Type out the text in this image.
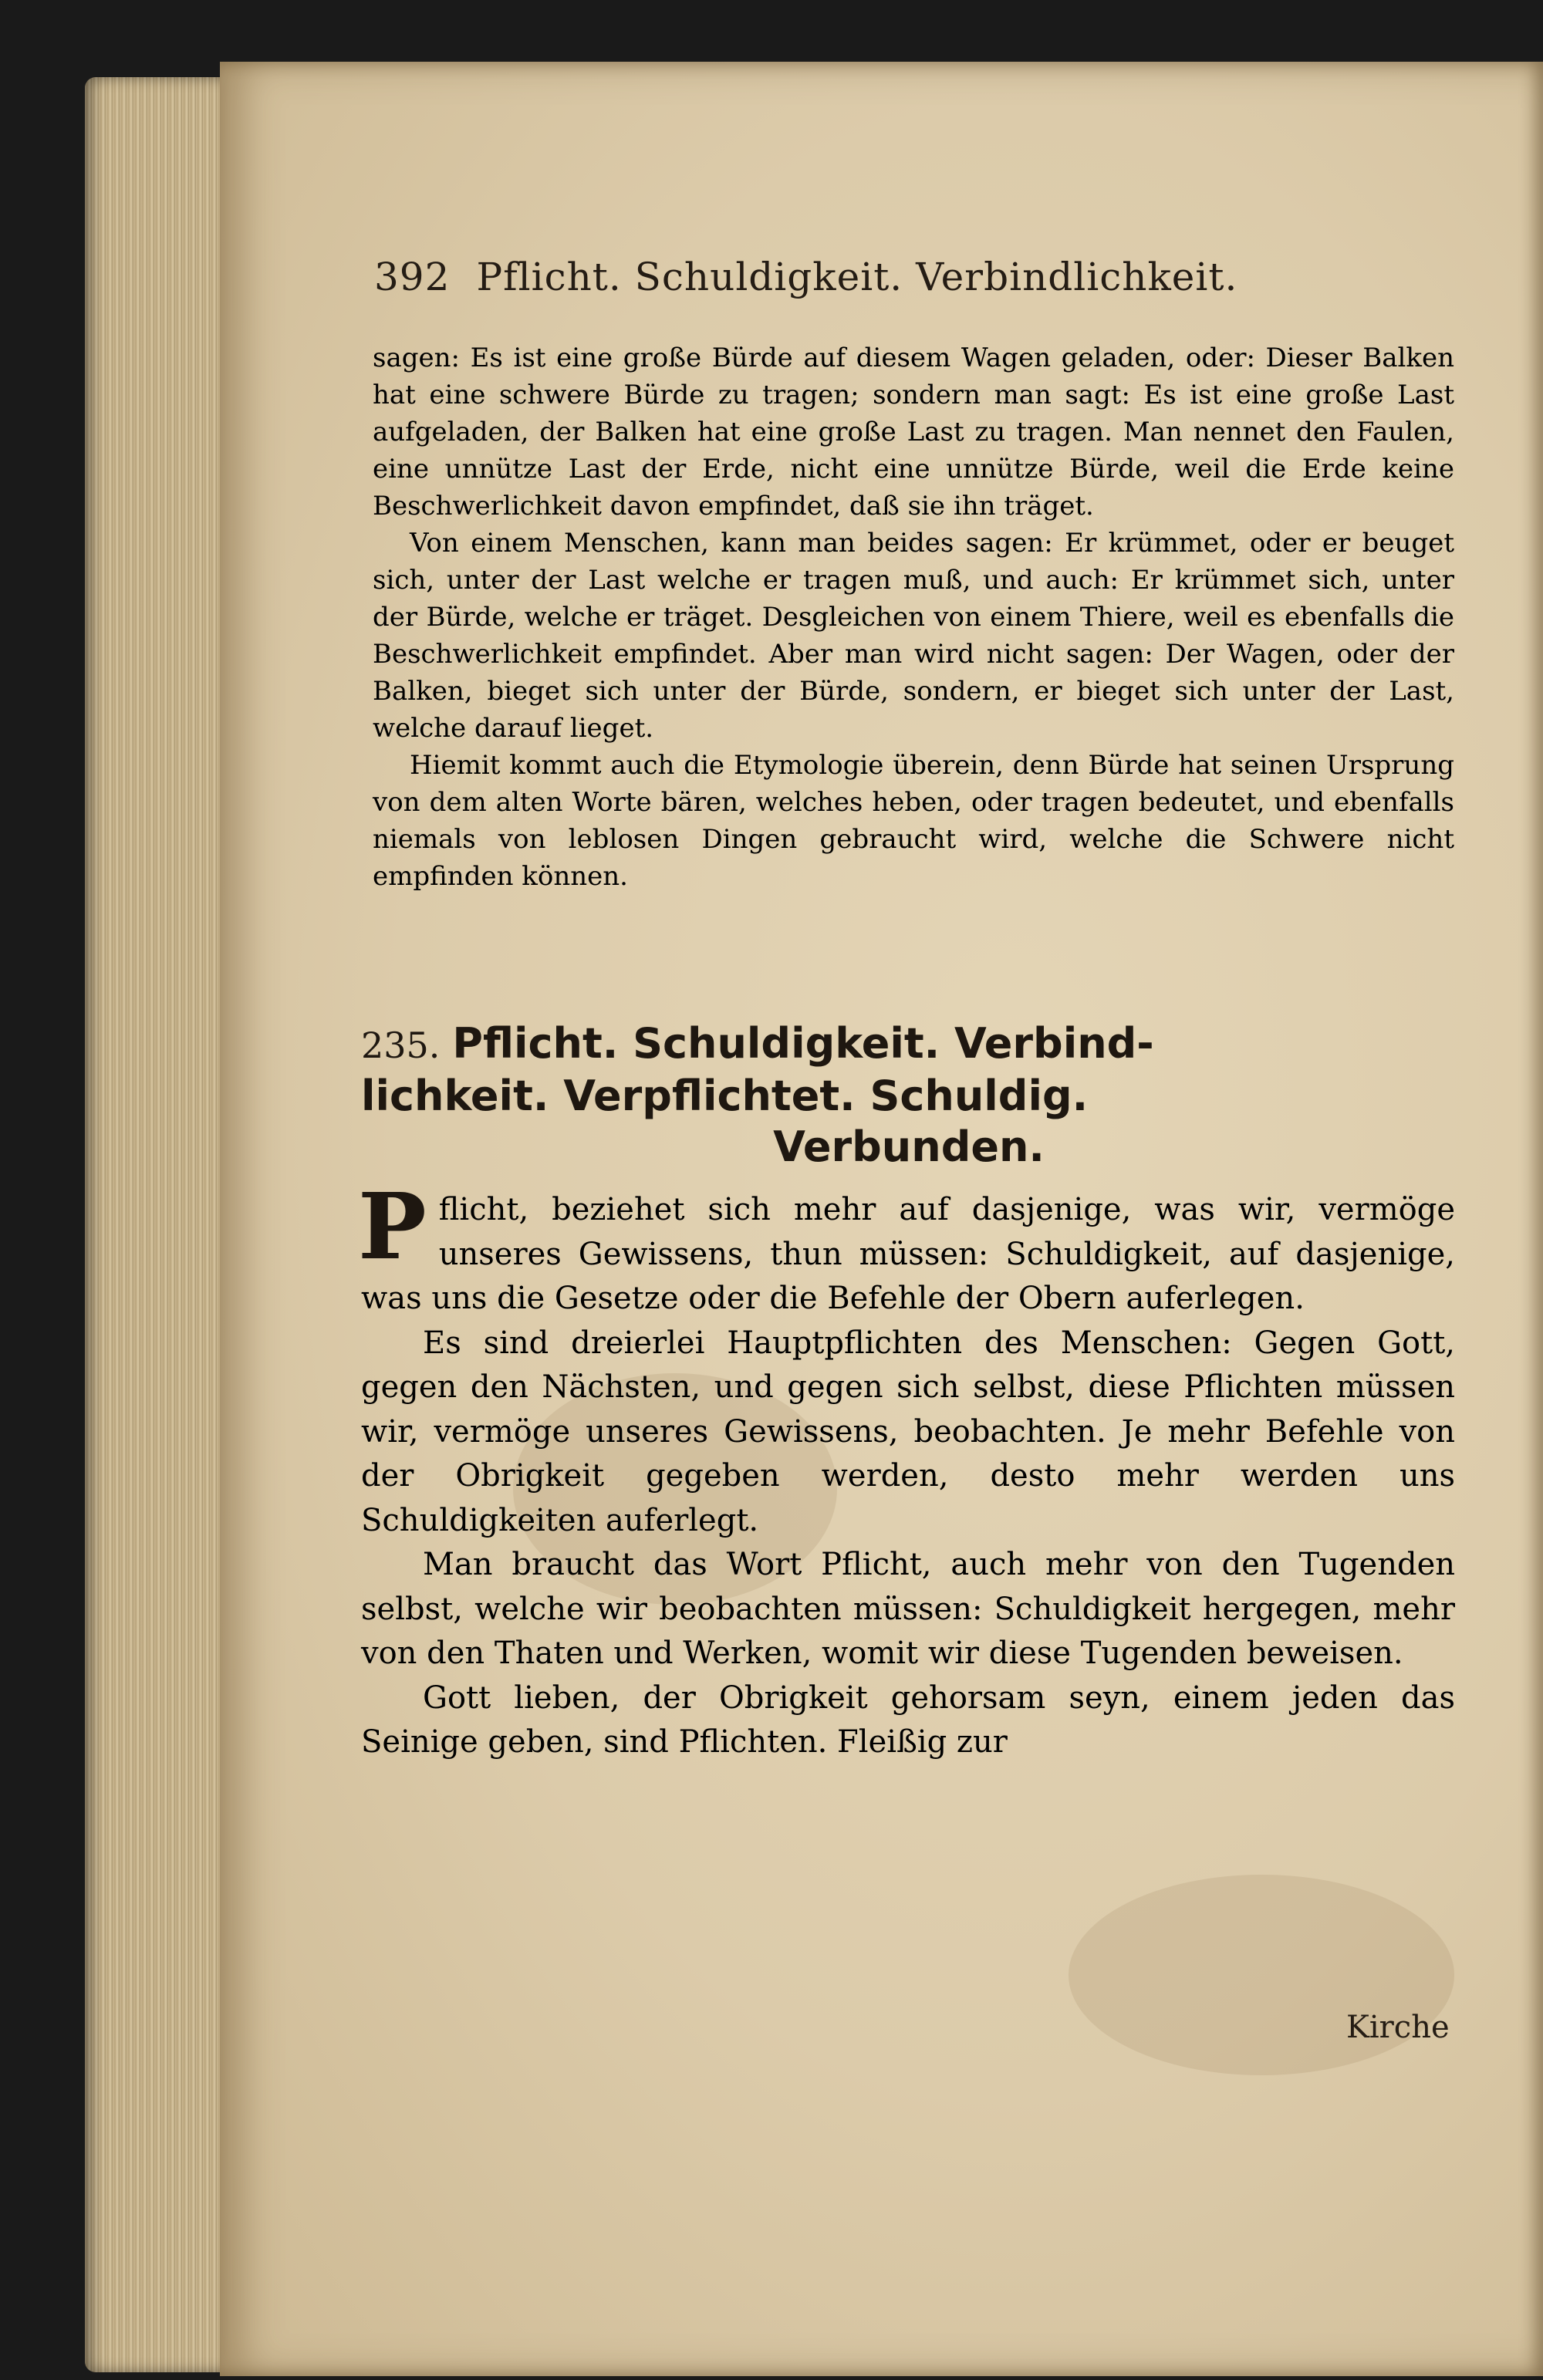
392 Pflicht. Schuldigkeit. Verbindlichkeit.

sagen: Es ist eine große Bürde auf diesem Wagen geladen, oder: Dieser Balken hat eine schwere Bürde zu tragen; sondern man sagt: Es ist eine große Last aufgeladen, der Balken hat eine große Last zu tragen. Man nennet den Faulen, eine unnütze Last der Erde, nicht eine unnütze Bürde, weil die Erde keine Beschwerlichkeit davon empfindet, daß sie ihn träget.

Von einem Menschen, kann man beides sagen: Er krümmet, oder er beuget sich, unter der Last welche er tragen muß, und auch: Er krümmet sich, unter der Bürde, welche er träget. Desgleichen von einem Thiere, weil es ebenfalls die Beschwerlichkeit empfindet. Aber man wird nicht sagen: Der Wagen, oder der Balken, bieget sich unter der Bürde, sondern, er bieget sich unter der Last, welche darauf lieget.

Hiemit kommt auch die Etymologie überein, denn Bürde hat seinen Ursprung von dem alten Worte bären, welches heben, oder tragen bedeutet, und ebenfalls niemals von leblosen Dingen gebraucht wird, welche die Schwere nicht empfinden können.

235. Pflicht. Schuldigkeit. Verbind-
lichkeit. Verpflichtet. Schuldig.
Verbunden.

Pflicht, beziehet sich mehr auf dasjenige, was wir, vermöge unseres Gewissens, thun müssen: Schuldigkeit, auf dasjenige, was uns die Gesetze oder die Befehle der Obern auferlegen.

Es sind dreierlei Hauptpflichten des Menschen: Gegen Gott, gegen den Nächsten, und gegen sich selbst, diese Pflichten müssen wir, vermöge unseres Gewissens, beobachten. Je mehr Befehle von der Obrigkeit gegeben werden, desto mehr werden uns Schuldigkeiten auferlegt.

Man braucht das Wort Pflicht, auch mehr von den Tugenden selbst, welche wir beobachten müssen: Schuldigkeit hergegen, mehr von den Thaten und Werken, womit wir diese Tugenden beweisen.

Gott lieben, der Obrigkeit gehorsam seyn, einem jeden das Seinige geben, sind Pflichten. Fleißig zur

Kirche
